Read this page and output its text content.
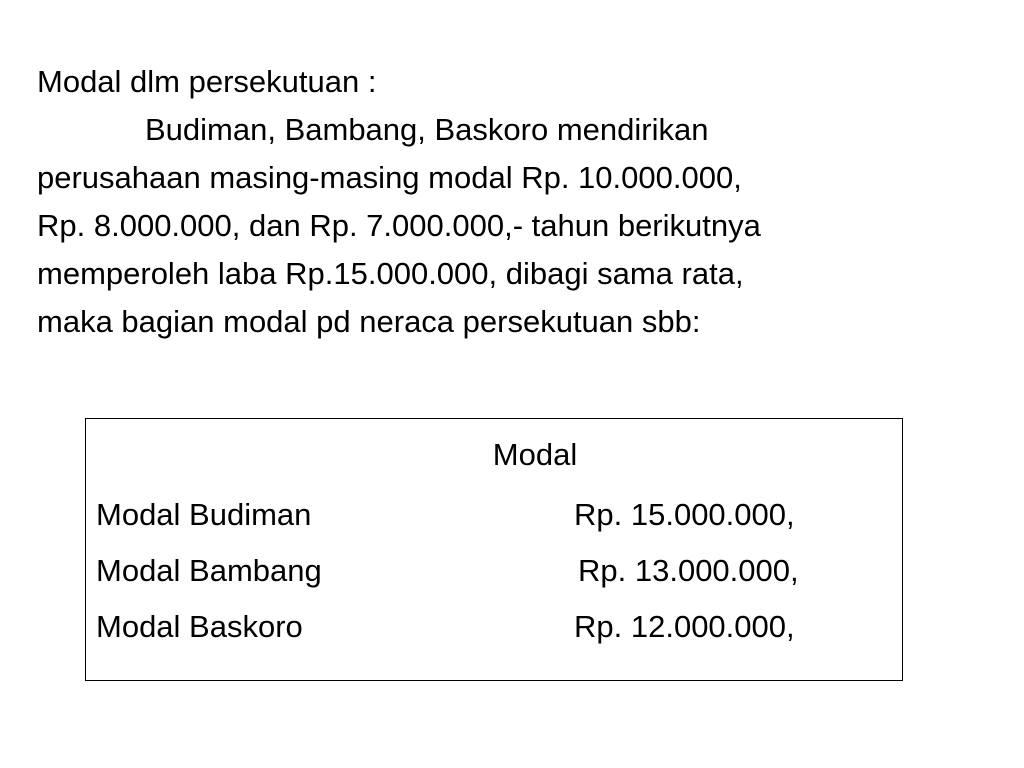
Modal dlm persekutuan :
Budiman, Bambang, Baskoro mendirikan
perusahaan masing-masing modal Rp. 10.000.000,
Rp. 8.000.000, dan Rp. 7.000.000,- tahun berikutnya
memperoleh laba Rp.15.000.000, dibagi sama rata,
maka bagian modal pd neraca persekutuan sbb:
Modal
Modal Budiman	Rp. 15.000.000,
Modal Bambang	Rp. 13.000.000,
Modal Baskoro	Rp. 12.000.000,
